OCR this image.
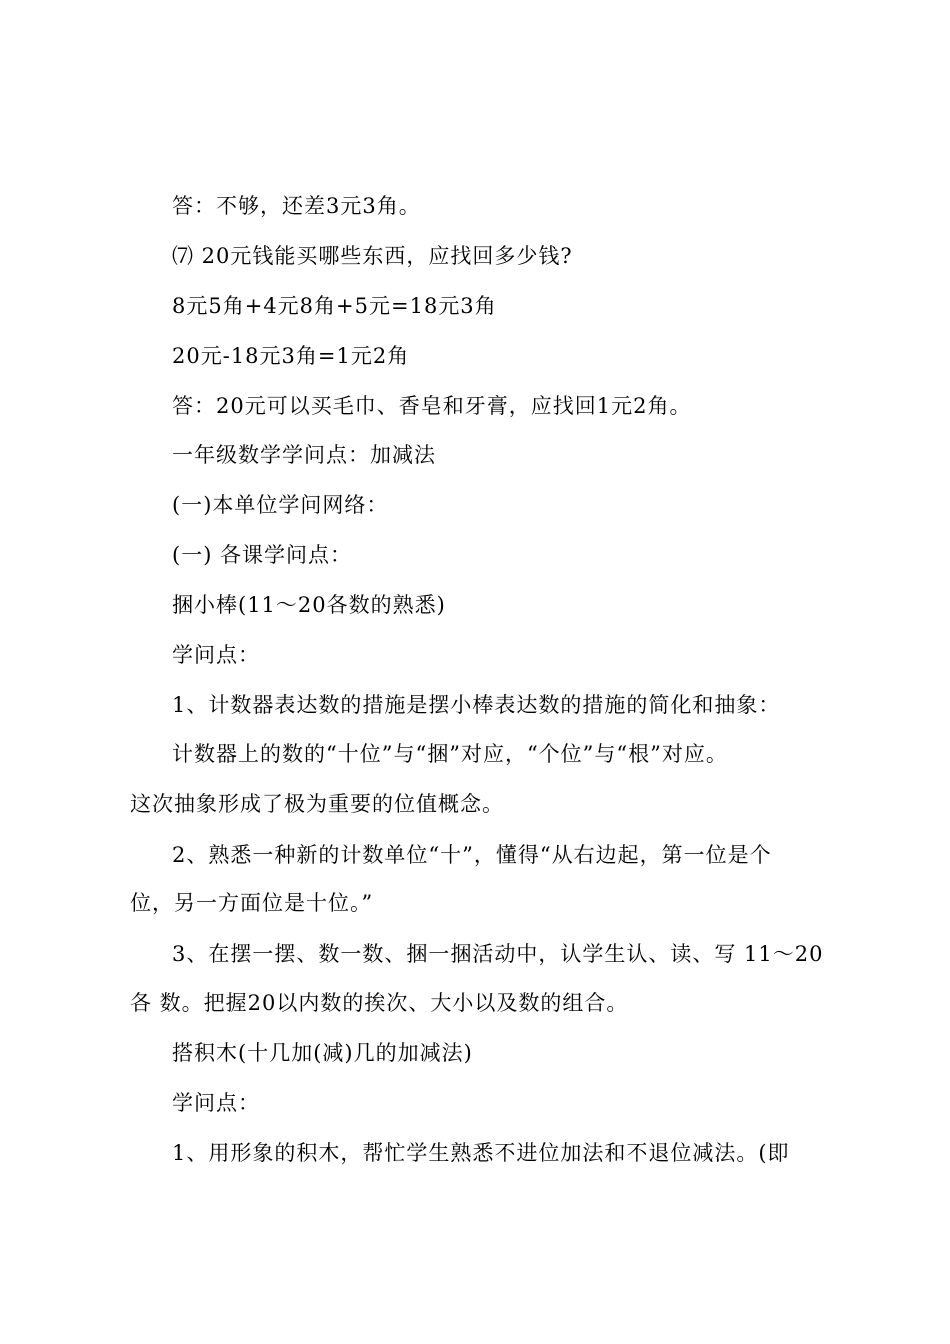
答：不够，还差3元3角。
⑺ 20元钱能买哪些东西，应找回多少钱?
8元5角+4元8角+5元=18元3角
20元-18元3角=1元2角
答：20元可以买毛巾、香皂和牙膏，应找回1元2角。
一年级数学学问点：加减法
(一)本单位学问网络：
(一) 各课学问点：
捆小棒(11～20各数的熟悉)
学问点：
1、计数器表达数的措施是摆小棒表达数的措施的简化和抽象：
计数器上的数的“十位”与“捆”对应，“个位”与“根”对应。
这次抽象形成了极为重要的位值概念。
2、熟悉一种新的计数单位“十”，懂得“从右边起，第一位是个
位，另一方面位是十位。”
3、在摆一摆、数一数、捆一捆活动中，认学生认、读、写 11～20
各 数。把握20以内数的挨次、大小以及数的组合。
搭积木(十几加(减)几的加减法)
学问点：
1、用形象的积木，帮忙学生熟悉不进位加法和不退位减法。(即
